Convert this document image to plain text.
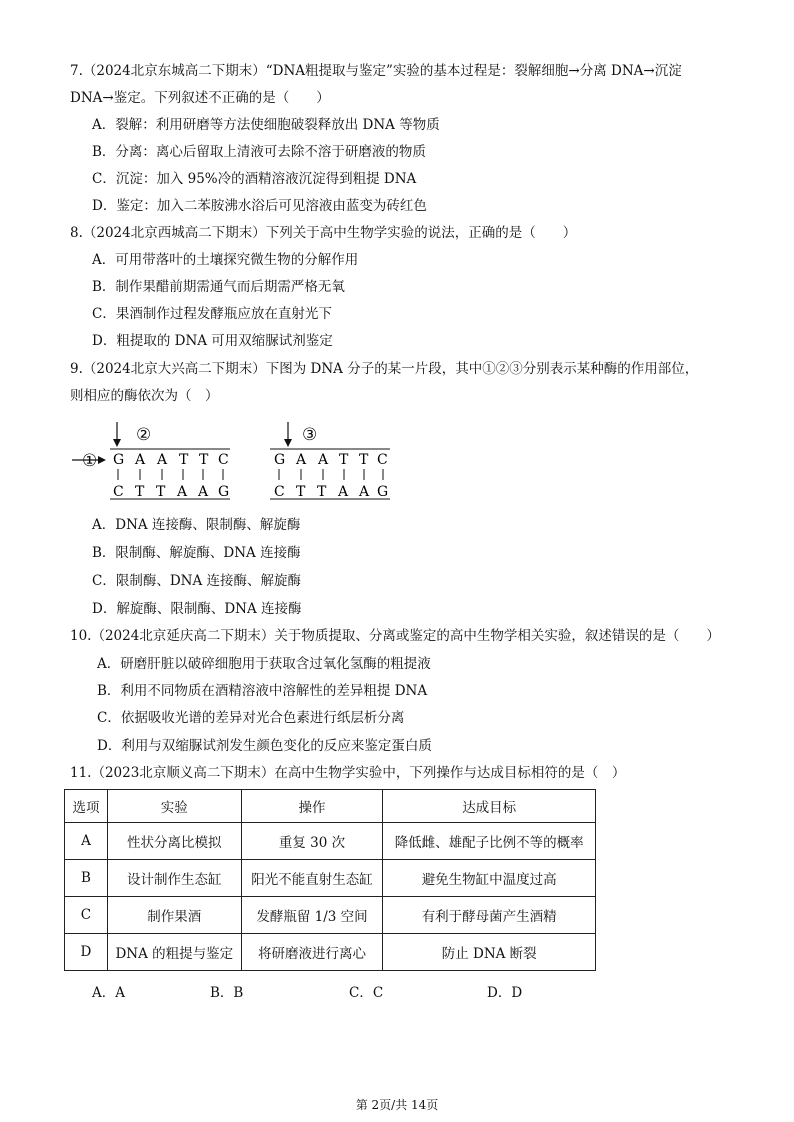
7.（2024北京东城高二下期末）“DNA粗提取与鉴定”实验的基本过程是：裂解细胞→分离 DNA→沉淀
DNA→鉴定。下列叙述不正确的是（　　）
A．裂解：利用研磨等方法使细胞破裂释放出 DNA 等物质
B．分离：离心后留取上清液可去除不溶于研磨液的物质
C．沉淀：加入 95%冷的酒精溶液沉淀得到粗提 DNA
D．鉴定：加入二苯胺沸水浴后可见溶液由蓝变为砖红色
8.（2024北京西城高二下期末）下列关于高中生物学实验的说法，正确的是（　　）
A．可用带落叶的土壤探究微生物的分解作用
B．制作果醋前期需通气而后期需严格无氧
C．果酒制作过程发酵瓶应放在直射光下
D．粗提取的 DNA 可用双缩脲试剂鉴定
9.（2024北京大兴高二下期末）下图为 DNA 分子的某一片段，其中①②③分别表示某种酶的作用部位，
则相应的酶依次为（　）
②
① G A A T T C
C T T A A G
③
G A A T T C
C T T A A G
A．DNA 连接酶、限制酶、解旋酶
B．限制酶、解旋酶、DNA 连接酶
C．限制酶、DNA 连接酶、解旋酶
D．解旋酶、限制酶、DNA 连接酶
10.（2024北京延庆高二下期末）关于物质提取、分离或鉴定的高中生物学相关实验，叙述错误的是（　　）
A．研磨肝脏以破碎细胞用于获取含过氧化氢酶的粗提液
B．利用不同物质在酒精溶液中溶解性的差异粗提 DNA
C．依据吸收光谱的差异对光合色素进行纸层析分离
D．利用与双缩脲试剂发生颜色变化的反应来鉴定蛋白质
11.（2023北京顺义高二下期末）在高中生物学实验中，下列操作与达成目标相符的是（　）
选项	实验	操作	达成目标
A	性状分离比模拟	重复 30 次	降低雌、雄配子比例不等的概率
B	设计制作生态缸	阳光不能直射生态缸	避免生物缸中温度过高
C	制作果酒	发酵瓶留 1/3 空间	有利于酵母菌产生酒精
D	DNA 的粗提与鉴定	将研磨液进行离心	防止 DNA 断裂
A．A	B．B	C．C	D．D
第 2页/共 14页
